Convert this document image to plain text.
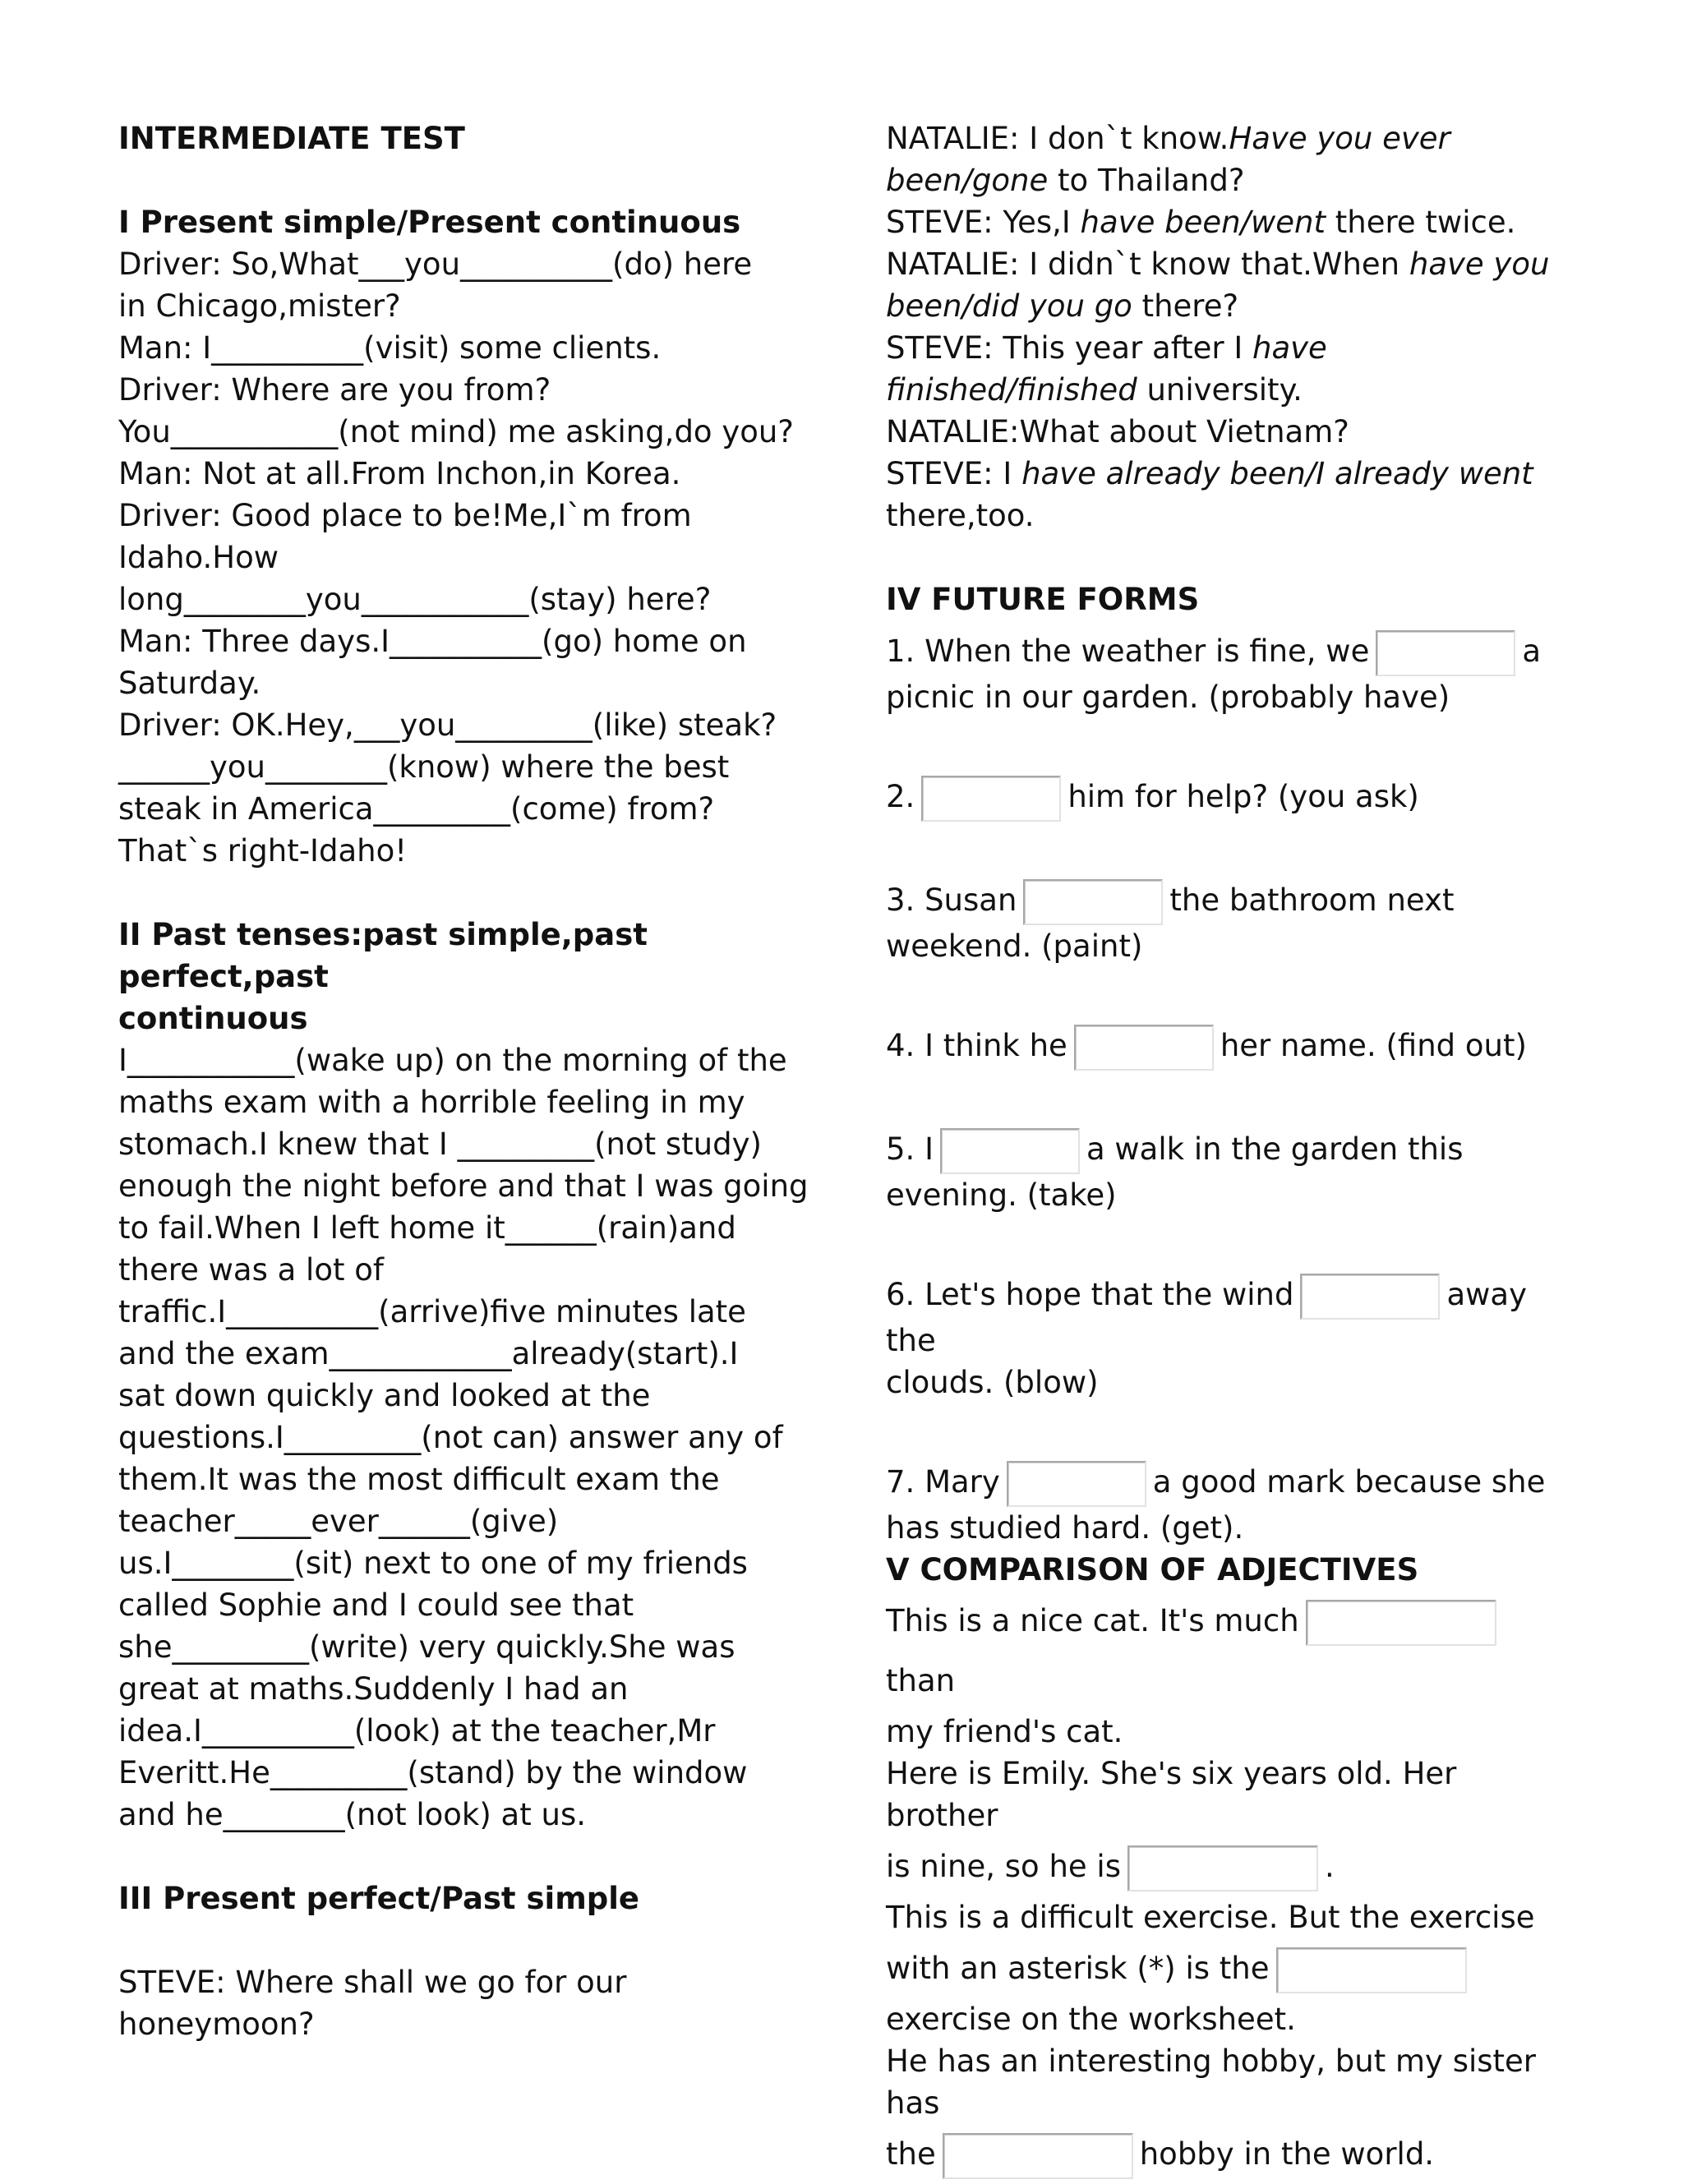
INTERMEDIATE TEST
I Present simple/Present continuous
Driver: So,What___you__________(do) here
in Chicago,mister?
Man: I__________(visit) some clients.
Driver: Where are you from?
You___________(not mind) me asking,do you?
Man: Not at all.From Inchon,in Korea.
Driver: Good place to be!Me,I`m from
Idaho.How
long________you___________(stay) here?
Man: Three days.I__________(go) home on
Saturday.
Driver: OK.Hey,___you_________(like) steak?
______you________(know) where the best
steak in America_________(come) from?
That`s right-Idaho!
II Past tenses:past simple,past perfect,past
continuous
I___________(wake up) on the morning of the
maths exam with a horrible feeling in my
stomach.I knew that I _________(not study)
enough the night before and that I was going
to fail.When I left home it______(rain)and
there was a lot of
traffic.I__________(arrive)five minutes late
and the exam____________already(start).I
sat down quickly and looked at the
questions.I_________(not can) answer any of
them.It was the most difficult exam the
teacher_____ever______(give)
us.I________(sit) next to one of my friends
called Sophie and I could see that
she_________(write) very quickly.She was
great at maths.Suddenly I had an
idea.I__________(look) at the teacher,Mr
Everitt.He_________(stand) by the window
and he________(not look) at us.
III Present perfect/Past simple
STEVE: Where shall we go for our honeymoon?
NATALIE: I don`t know.Have you ever
been/gone to Thailand?
STEVE: Yes,I have been/went there twice.
NATALIE: I didn`t know that.When have you
been/did you go there?
STEVE: This year after I have
finished/finished university.
NATALIE:What about Vietnam?
STEVE: I have already been/I already went
there,too.
IV FUTURE FORMS
1. When the weather is fine, we	a
picnic in our garden. (probably have)
2.	him for help? (you ask)
3. Susan	the bathroom next
weekend. (paint)
4. I think he	her name. (find out)
5. I	a walk in the garden this
evening. (take)
6. Let's hope that the wind	away the
clouds. (blow)
7. Mary	a good mark because she
has studied hard. (get).
V COMPARISON OF ADJECTIVES
This is a nice cat. It's muchthan
my friend's cat.
Here is Emily. She's six years old. Her brother
is nine, so he is	.
This is a difficult exercise. But the exercise
with an asterisk (*) is the
exercise on the worksheet.
He has an interesting hobby, but my sister has
the	hobby in the world.
